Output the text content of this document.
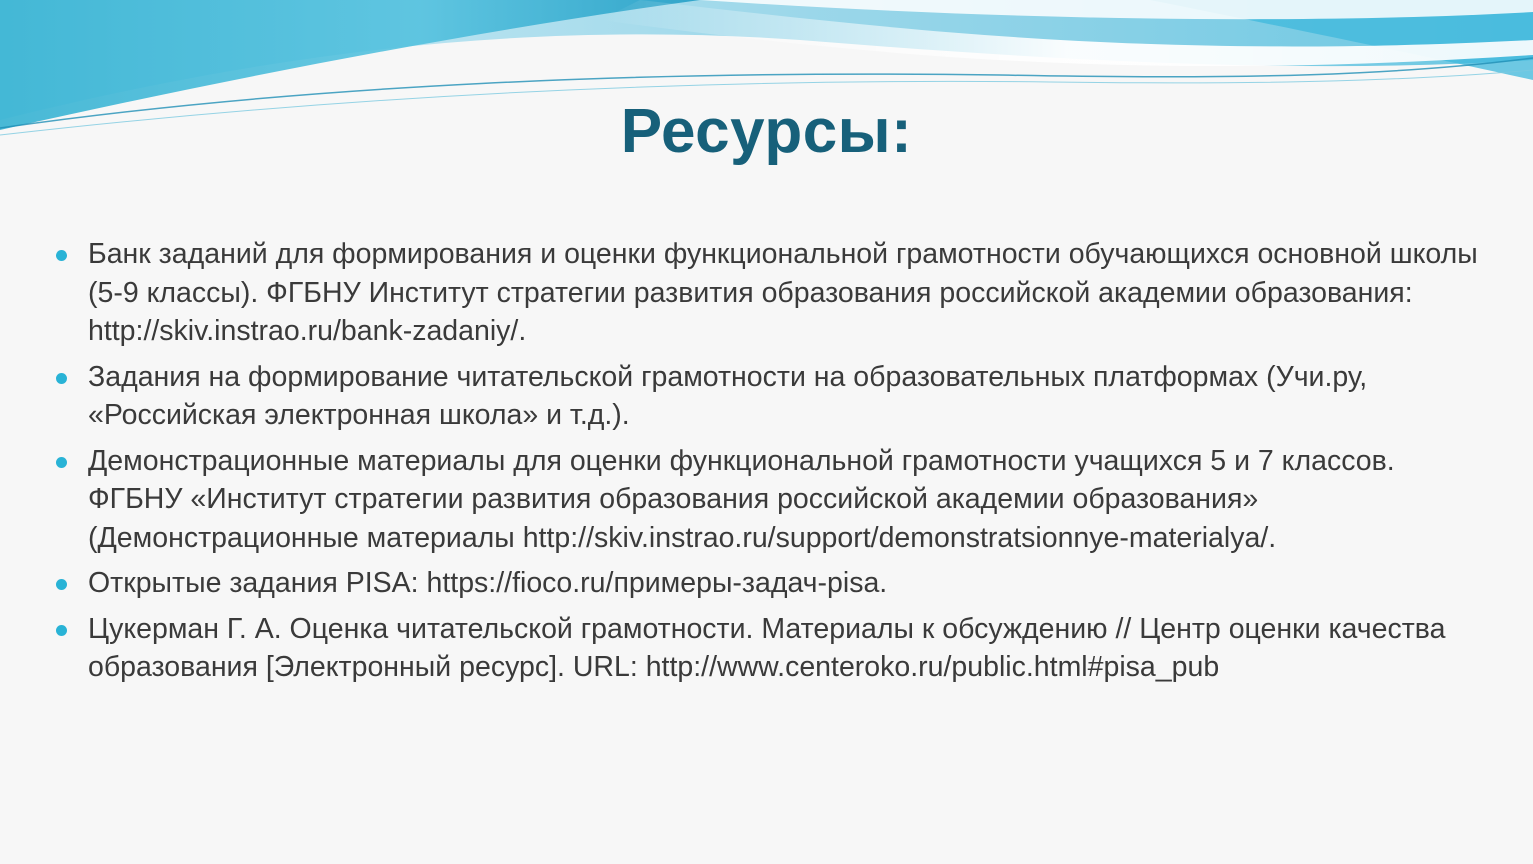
Ресурсы:
Банк заданий для формирования и оценки функциональной грамотности обучающихся основной школы (5-9 классы). ФГБНУ Институт стратегии развития образования российской академии образования: http://skiv.instrao.ru/bank-zadaniy/.
Задания на формирование читательской грамотности на образовательных платформах (Учи.ру, «Российская электронная школа» и т.д.).
Демонстрационные материалы для оценки функциональной грамотности учащихся 5 и 7 классов. ФГБНУ «Институт стратегии развития образования российской академии образования» (Демонстрационные материалы http://skiv.instrao.ru/support/demonstratsionnye-materialya/.
Открытые задания PISA: https://fioco.ru/примеры-задач-pisa.
Цукерман Г. А. Оценка читательской грамотности. Материалы к обсуждению // Центр оценки качества образования [Электронный ресурс]. URL: http://www.centeroko.ru/public.html#pisa_pub
